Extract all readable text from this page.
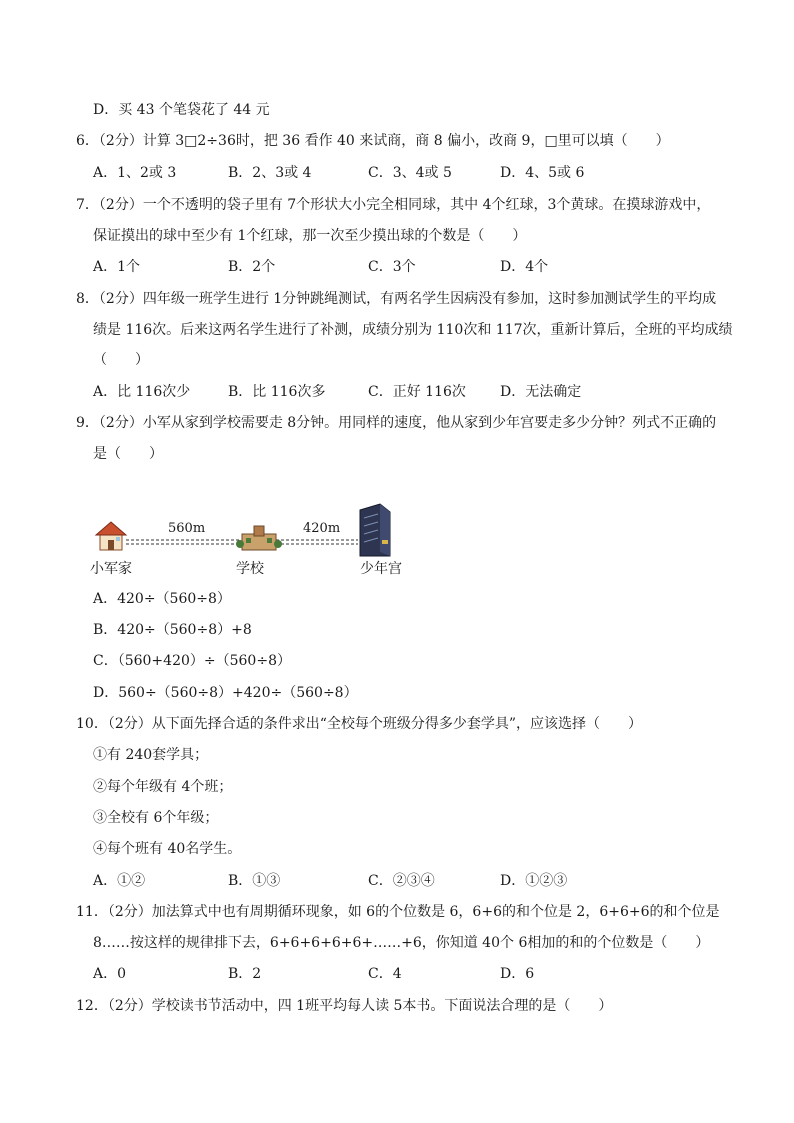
D．买 43 个笔袋花了 44 元
6．（2分）计算 3□2÷36时，把 36 看作 40 来试商，商 8 偏小，改商 9，□里可以填（　　）
A．1、2或 3	B．2、3或 4	C．3、4或 5	D．4、5或 6
7．（2分）一个不透明的袋子里有 7个形状大小完全相同球，其中 4个红球，3个黄球。在摸球游戏中，
保证摸出的球中至少有 1个红球，那一次至少摸出球的个数是（　　）
A．1个	B．2个	C．3个	D．4个
8．（2分）四年级一班学生进行 1分钟跳绳测试，有两名学生因病没有参加，这时参加测试学生的平均成
绩是 116次。后来这两名学生进行了补测，成绩分别为 110次和 117次，重新计算后，全班的平均成绩
（　　）
A．比 116次少	B．比 116次多	C．正好 116次 D．无法确定
9．（2分）小军从家到学校需要走 8分钟。用同样的速度，他从家到少年宫要走多少分钟？列式不正确的
是（　　）
560m	420m
小军家	学校	少年宫
A．420÷（560÷8）
B．420÷（560÷8）+8
C．（560+420）÷（560÷8）
D．560÷（560÷8）+420÷（560÷8）
10．（2分）从下面先择合适的条件求出“全校每个班级分得多少套学具”，应该选择（　　）
①有 240套学具；
②每个年级有 4个班；
③全校有 6个年级；
④每个班有 40名学生。
A．①②	B．①③	C．②③④	D．①②③
11．（2分）加法算式中也有周期循环现象，如 6的个位数是 6，6+6的和个位是 2，6+6+6的和个位是
8……按这样的规律排下去，6+6+6+6+6+……+6，你知道 40个 6相加的和的个位数是（　　）
A．0	B．2	C．4	D．6
12．（2分）学校读书节活动中，四 1班平均每人读 5本书。下面说法合理的是（　　）
